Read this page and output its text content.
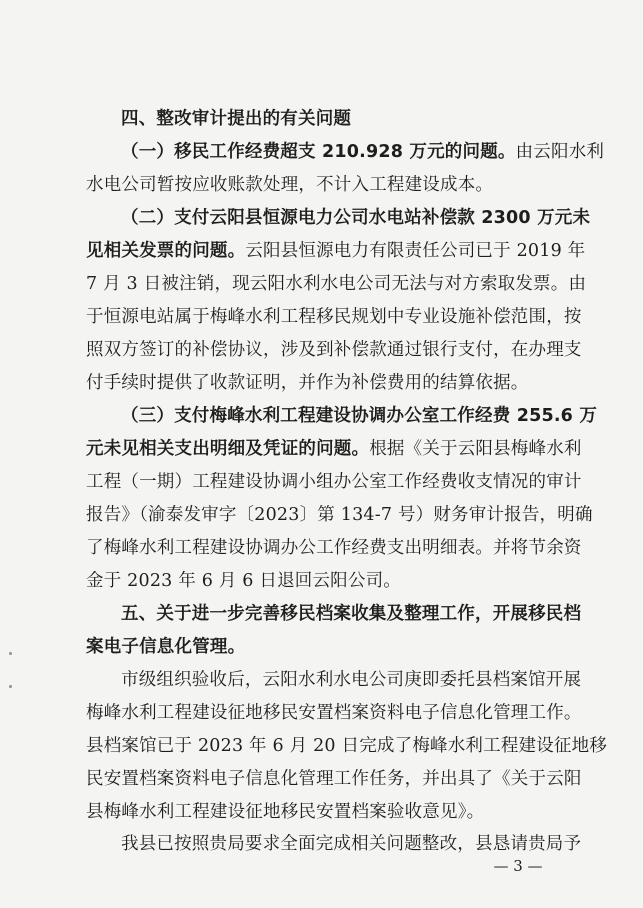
四、整改审计提出的有关问题
（一）移民工作经费超支 210.928 万元的问题。由云阳水利
水电公司暂按应收账款处理，不计入工程建设成本。
（二）支付云阳县恒源电力公司水电站补偿款 2300 万元未
见相关发票的问题。云阳县恒源电力有限责任公司已于 2019 年
7 月 3 日被注销，现云阳水利水电公司无法与对方索取发票。由
于恒源电站属于梅峰水利工程移民规划中专业设施补偿范围，按
照双方签订的补偿协议，涉及到补偿款通过银行支付，在办理支
付手续时提供了收款证明，并作为补偿费用的结算依据。
（三）支付梅峰水利工程建设协调办公室工作经费 255.6 万
元未见相关支出明细及凭证的问题。根据《关于云阳县梅峰水利
工程（一期）工程建设协调小组办公室工作经费收支情况的审计
报告》（渝泰发审字〔2023〕第 134-7 号）财务审计报告，明确
了梅峰水利工程建设协调办公工作经费支出明细表。并将节余资
金于 2023 年 6 月 6 日退回云阳公司。
五、关于进一步完善移民档案收集及整理工作，开展移民档
案电子信息化管理。
市级组织验收后，云阳水利水电公司庚即委托县档案馆开展
梅峰水利工程建设征地移民安置档案资料电子信息化管理工作。
县档案馆已于 2023 年 6 月 20 日完成了梅峰水利工程建设征地移
民安置档案资料电子信息化管理工作任务，并出具了《关于云阳
县梅峰水利工程建设征地移民安置档案验收意见》。
我县已按照贵局要求全面完成相关问题整改，县恳请贵局予
— 3 —
